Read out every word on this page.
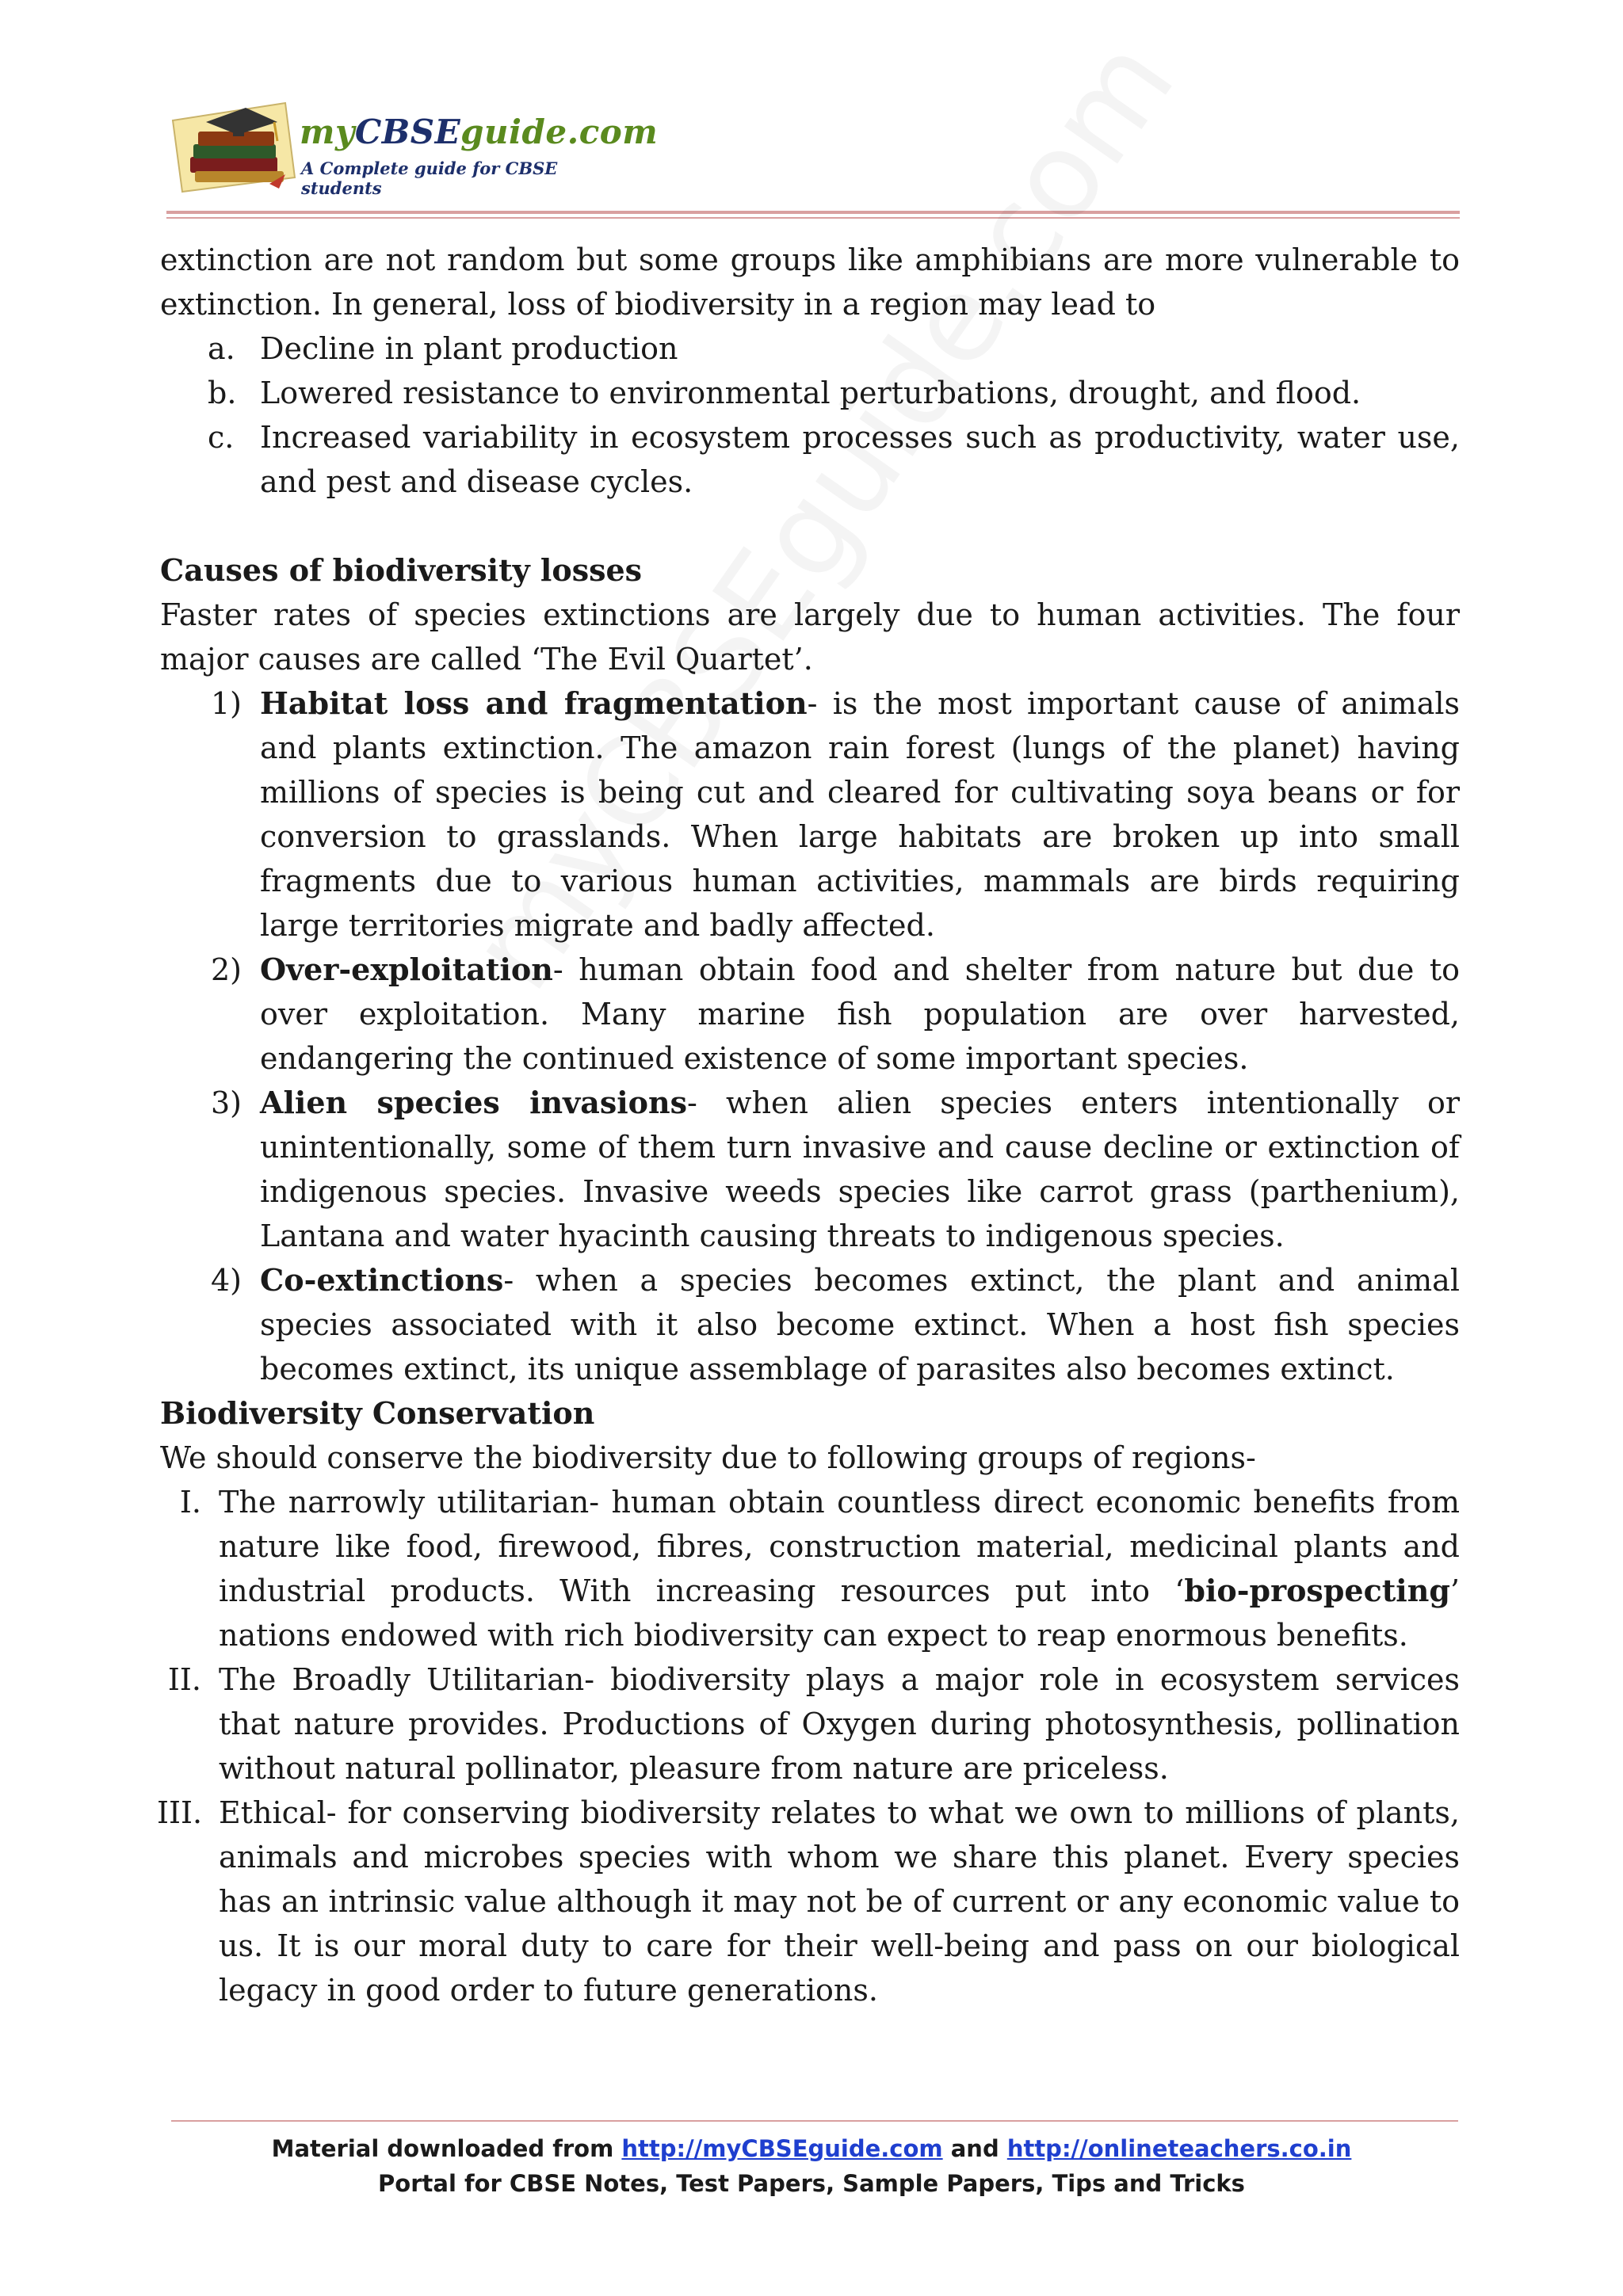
myCBSEguide.com
A Complete guide for CBSE students
extinction are not random but some groups like amphibians are more vulnerable to
extinction. In general, loss of biodiversity in a region may lead to
a. Decline in plant production
b. Lowered resistance to environmental perturbations, drought, and flood.
c. Increased variability in ecosystem processes such as productivity, water use, and pest and disease cycles.
Causes of biodiversity losses
Faster rates of species extinctions are largely due to human activities. The four major causes are called ‘The Evil Quartet’.
1) Habitat loss and fragmentation- is the most important cause of animals and plants extinction. The amazon rain forest (lungs of the planet) having millions of species is being cut and cleared for cultivating soya beans or for conversion to grasslands. When large habitats are broken up into small fragments due to various human activities, mammals are birds requiring large territories migrate and badly affected.
2) Over-exploitation- human obtain food and shelter from nature but due to over exploitation. Many marine fish population are over harvested, endangering the continued existence of some important species.
3) Alien species invasions- when alien species enters intentionally or unintentionally, some of them turn invasive and cause decline or extinction of indigenous species. Invasive weeds species like carrot grass (parthenium), Lantana and water hyacinth causing threats to indigenous species.
4) Co-extinctions- when a species becomes extinct, the plant and animal species associated with it also become extinct. When a host fish species becomes extinct, its unique assemblage of parasites also becomes extinct.
Biodiversity Conservation
We should conserve the biodiversity due to following groups of regions-
I. The narrowly utilitarian- human obtain countless direct economic benefits from nature like food, firewood, fibres, construction material, medicinal plants and industrial products. With increasing resources put into ‘bio-prospecting’ nations endowed with rich biodiversity can expect to reap enormous benefits.
II. The Broadly Utilitarian- biodiversity plays a major role in ecosystem services that nature provides. Productions of Oxygen during photosynthesis, pollination without natural pollinator, pleasure from nature are priceless.
III. Ethical- for conserving biodiversity relates to what we own to millions of plants, animals and microbes species with whom we share this planet. Every species has an intrinsic value although it may not be of current or any economic value to us. It is our moral duty to care for their well-being and pass on our biological legacy in good order to future generations.
Material downloaded from http://myCBSEguide.com and http://onlineteachers.co.in
Portal for CBSE Notes, Test Papers, Sample Papers, Tips and Tricks
